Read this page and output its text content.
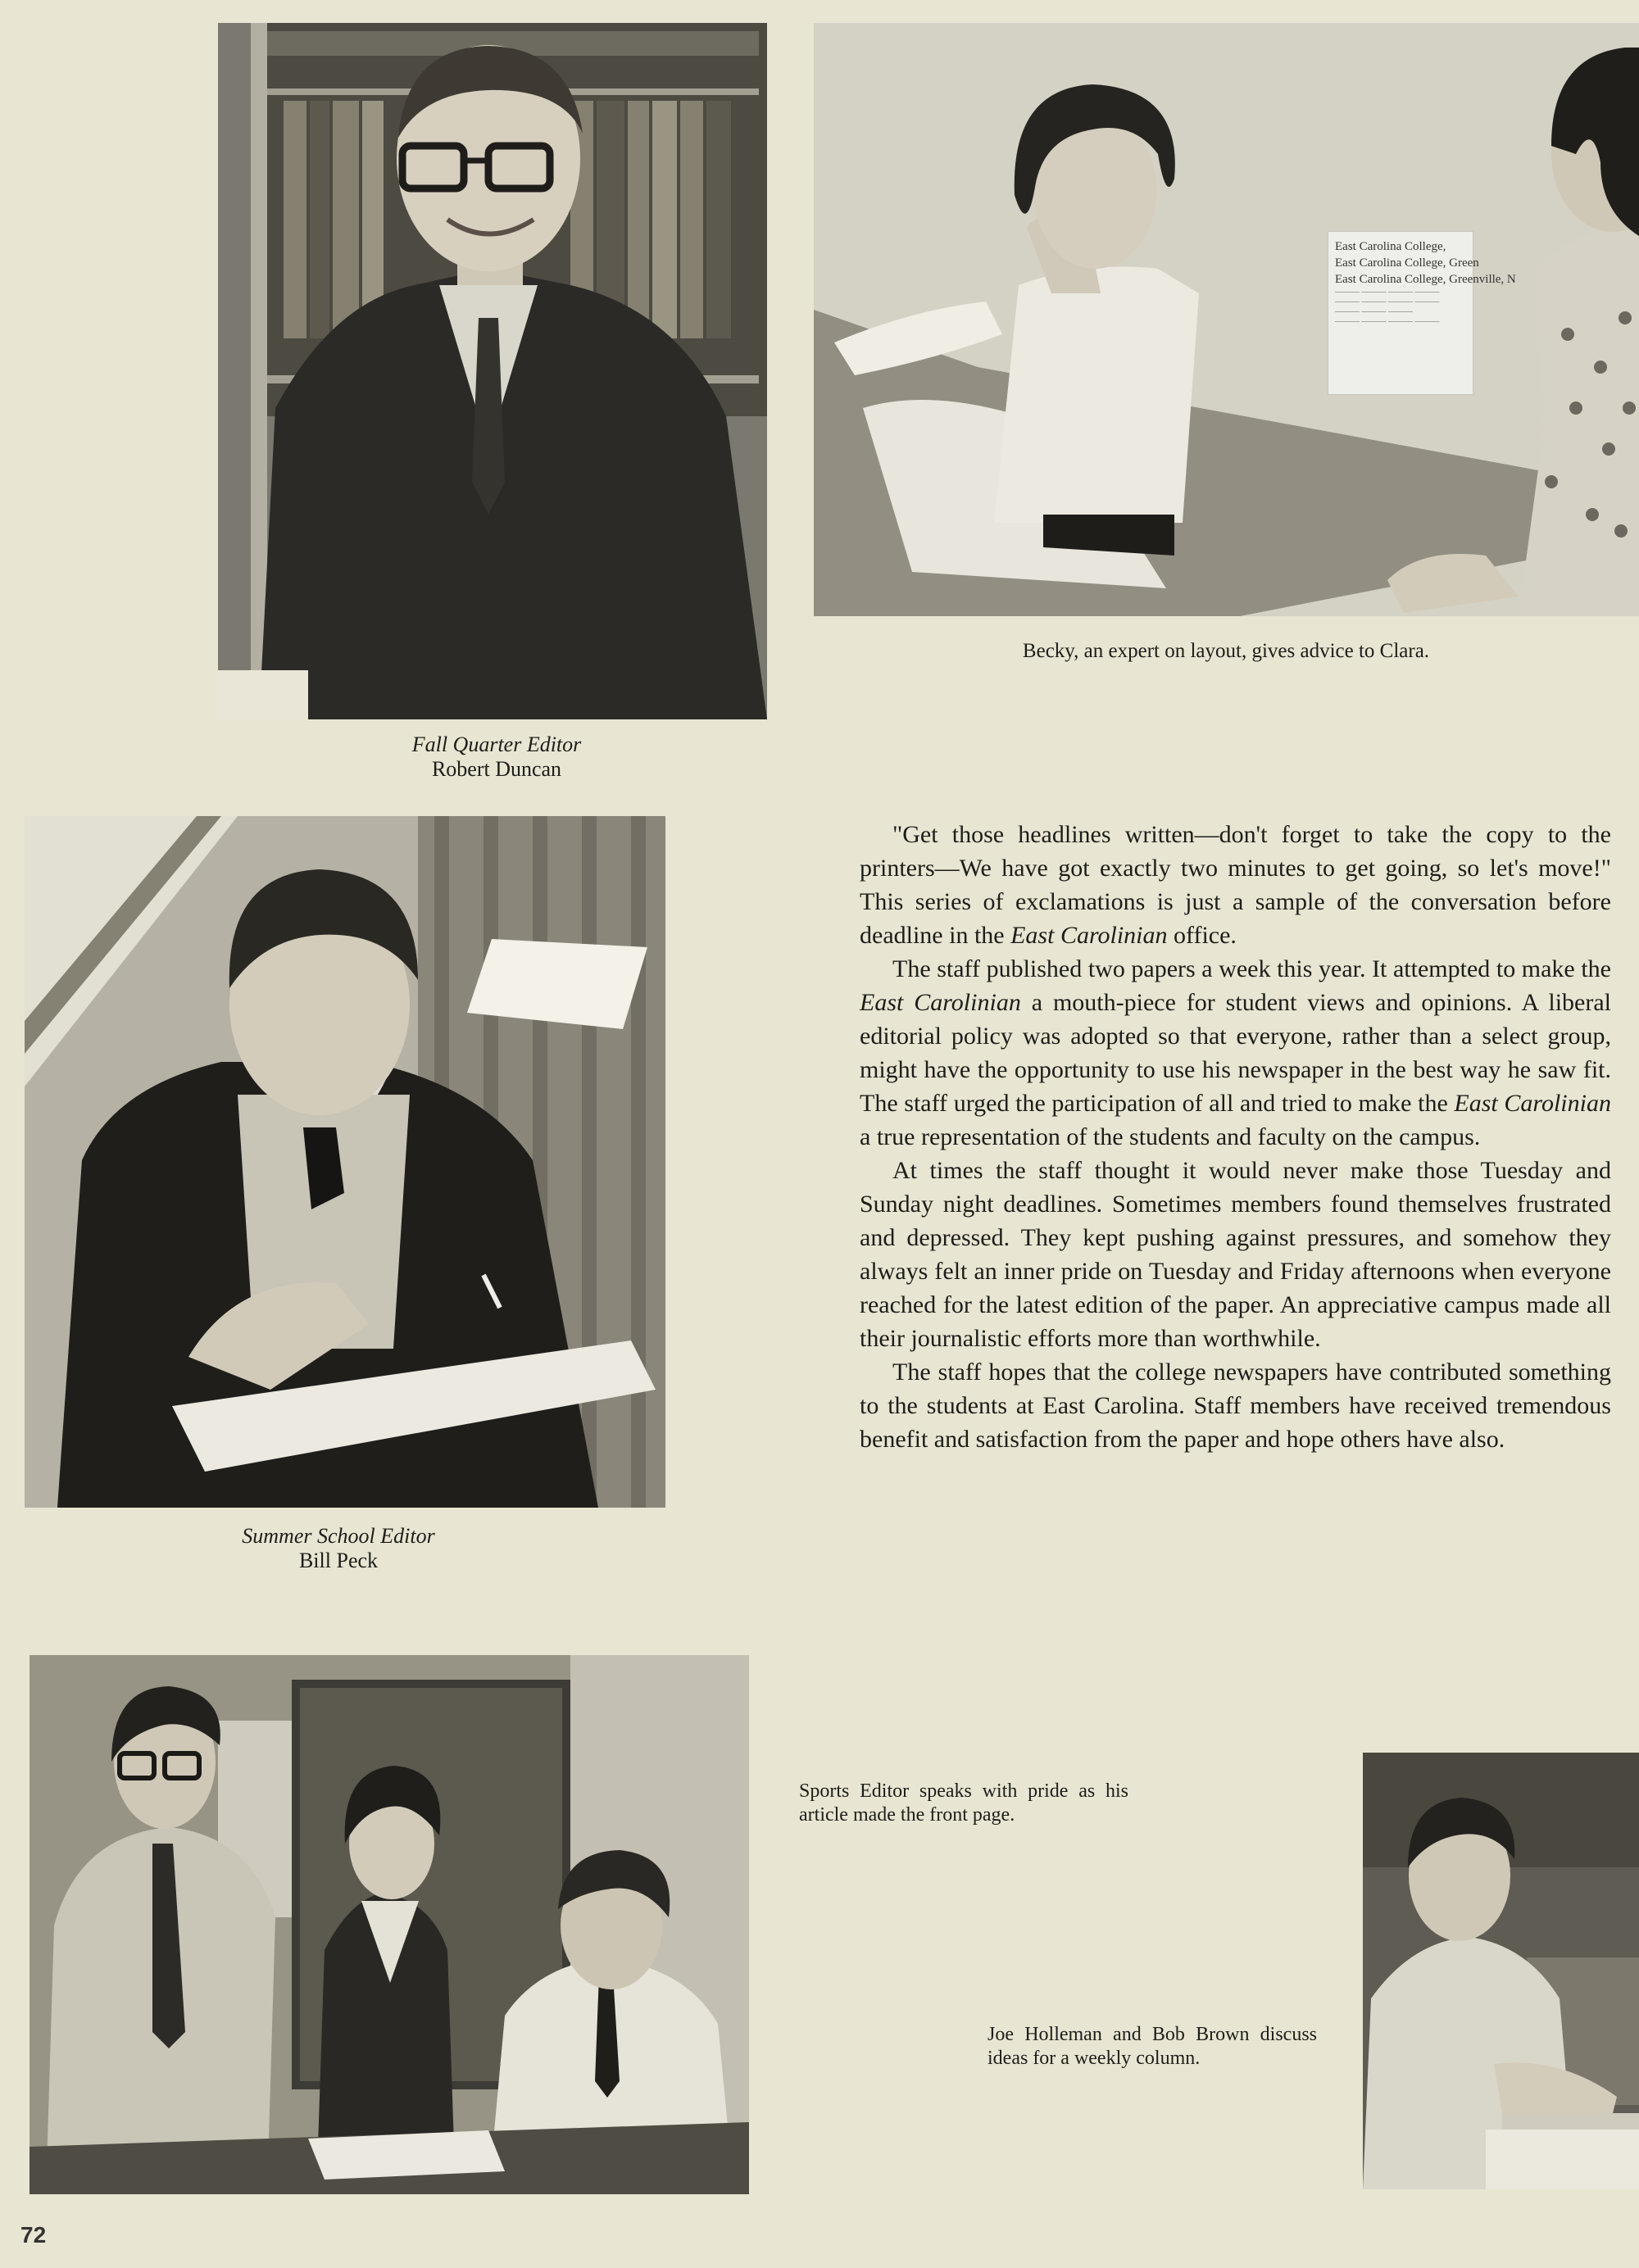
Fall Quarter Editor
Robert Duncan
East Carolina College,
East Carolina College, Green
East Carolina College, Greenville, N
——— ——— ——— ———
——— ——— ——— ———
——— ——— ———
——— ——— ——— ———
Becky, an expert on layout, gives advice to Clara.
Summer School Editor
Bill Peck

"Get those headlines written—don't forget to take the copy to the printers—We have got exactly two minutes to get going, so let's move!" This series of exclamations is just a sample of the conversation before deadline in the East Carolinian office.

The staff published two papers a week this year. It attempted to make the East Carolinian a mouth-piece for student views and opinions. A liberal editorial policy was adopted so that everyone, rather than a select group, might have the opportunity to use his newspaper in the best way he saw fit. The staff urged the participation of all and tried to make the East Carolinian a true representation of the students and faculty on the campus.

At times the staff thought it would never make those Tuesday and Sunday night deadlines. Sometimes members found themselves frustrated and depressed. They kept pushing against pressures, and somehow they always felt an inner pride on Tuesday and Friday afternoons when everyone reached for the latest edition of the paper. An appreciative campus made all their journalistic efforts more than worthwhile.

The staff hopes that the college newspapers have contributed something to the students at East Carolina. Staff members have received tremendous benefit and satisfaction from the paper and hope others have also.

Sports Editor speaks with pride as his article made the front page.
Joe Holleman and Bob Brown discuss ideas for a weekly column.
72
